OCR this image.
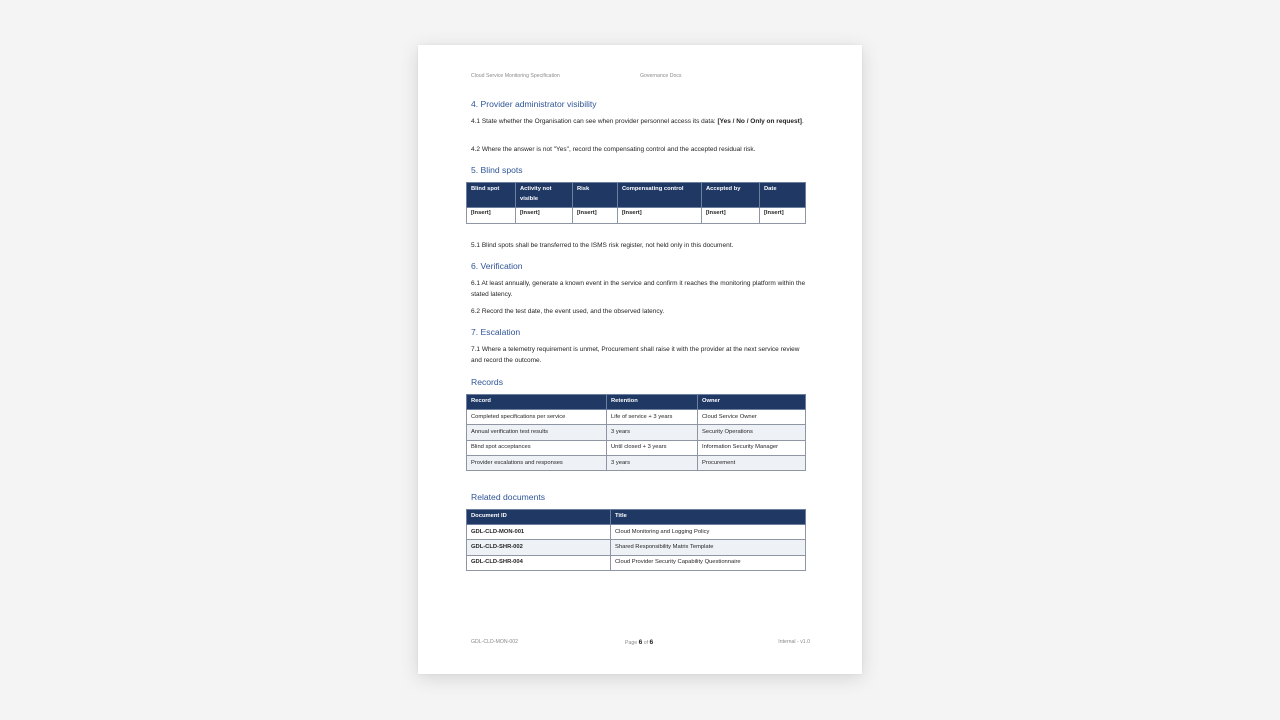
Cloud Service Monitoring Specification	Governance Docs
4. Provider administrator visibility

4.1 State whether the Organisation can see when provider personnel access its data: [Yes / No / Only on request].

4.2 Where the answer is not "Yes", record the compensating control and the accepted residual risk.

5. Blind spots
Blind spot	Activity not visible	Risk	Compensating control	Accepted by	Date
[Insert]	[Insert]	[Insert]	[Insert]	[Insert]	[Insert]

5.1 Blind spots shall be transferred to the ISMS risk register, not held only in this document.

6. Verification

6.1 At least annually, generate a known event in the service and confirm it reaches the monitoring platform within the stated latency.

6.2 Record the test date, the event used, and the observed latency.

7. Escalation

7.1 Where a telemetry requirement is unmet, Procurement shall raise it with the provider at the next service review and record the outcome.

Records
Record	Retention	Owner
Completed specifications per service	Life of service + 3 years	Cloud Service Owner
Annual verification test results	3 years	Security Operations
Blind spot acceptances	Until closed + 3 years	Information Security Manager
Provider escalations and responses	3 years	Procurement
Related documents
Document ID	Title
GDL-CLD-MON-001	Cloud Monitoring and Logging Policy
GDL-CLD-SHR-002	Shared Responsibility Matrix Template
GDL-CLD-SHR-004	Cloud Provider Security Capability Questionnaire
GDL-CLD-MON-002	Page 6 of 6	Internal - v1.0
